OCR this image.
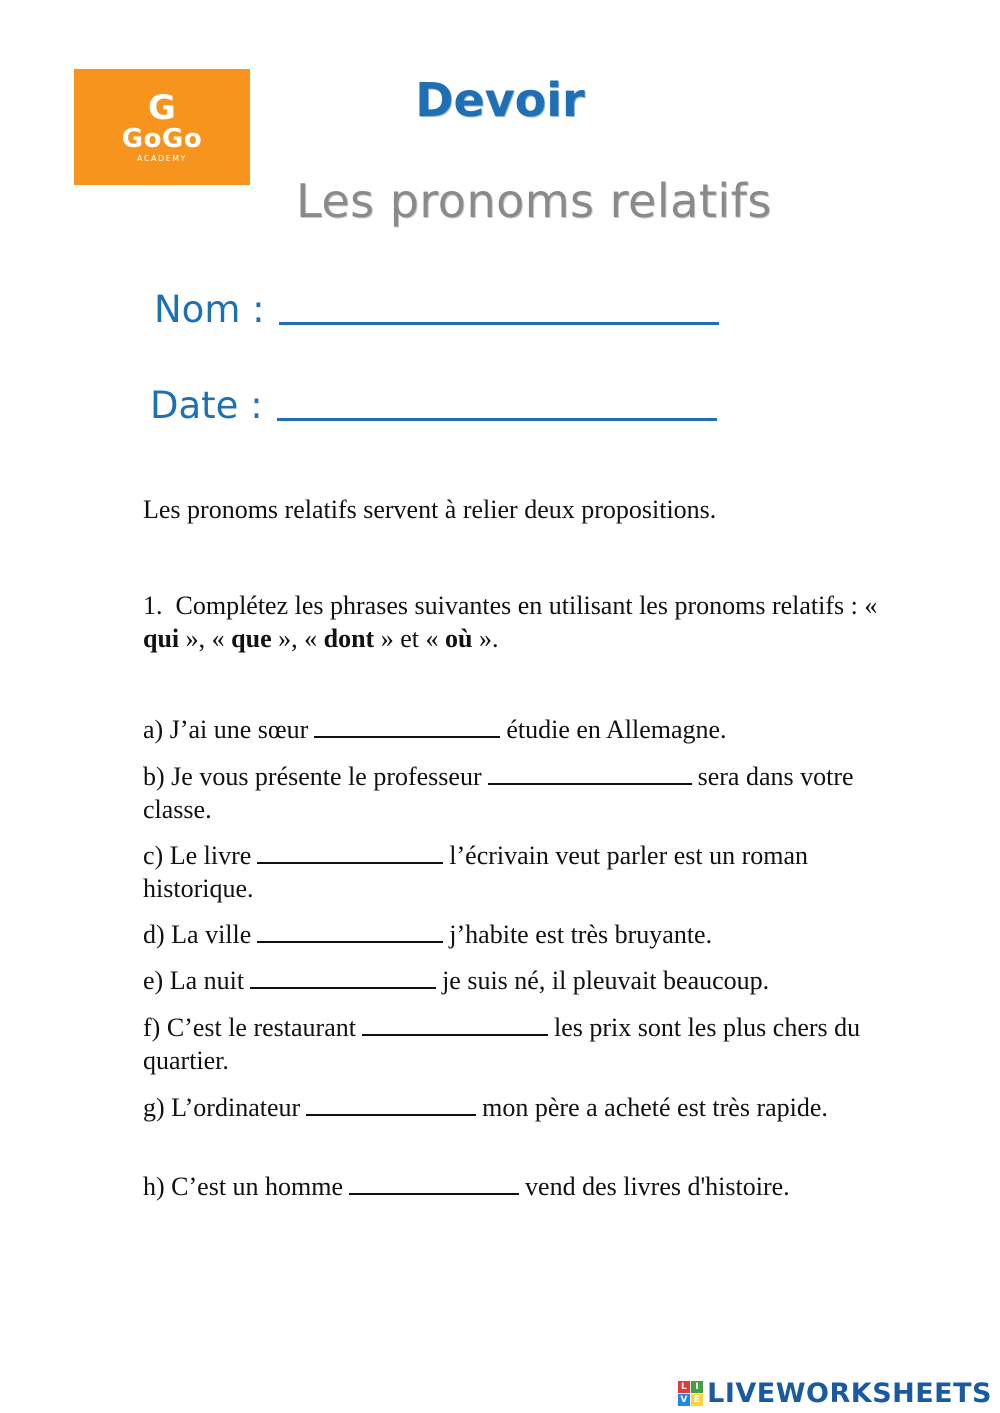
G
GoGo
ACADEMY
Devoir
Les pronoms relatifs
Nom :
Date :
Les pronoms relatifs servent à relier deux propositions.
1. Complétez les phrases suivantes en utilisant les pronoms relatifs : « qui », « que », « dont » et « où ».
a) J’ai une sœur	étudie en Allemagne.
b) Je vous présente le professeur	sera dans votre classe.
c) Le livre	l’écrivain veut parler est un roman historique.
d) La ville	j’habite est très bruyante.
e) La nuit	je suis né, il pleuvait beaucoup.
f) C’est le restaurant	les prix sont les plus chers du quartier.
g) L’ordinateur	mon père a acheté est très rapide.
h) C’est un homme	vend des livres d'histoire.
L I
V E LIVEWORKSHEETS
